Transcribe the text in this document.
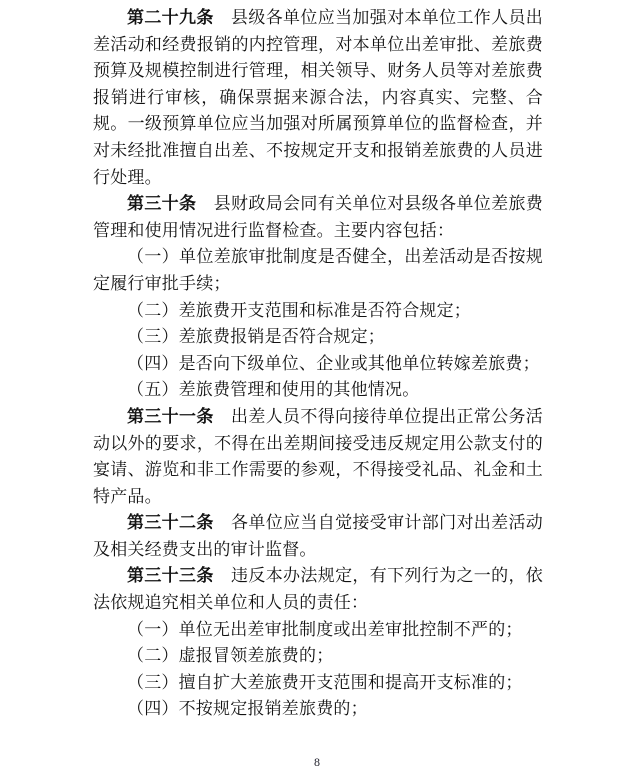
第二十九条　县级各单位应当加强对本单位工作人员出差活动和经费报销的内控管理，对本单位出差审批、差旅费预算及规模控制进行管理，相关领导、财务人员等对差旅费报销进行审核，确保票据来源合法，内容真实、完整、合规。一级预算单位应当加强对所属预算单位的监督检查，并对未经批准擅自出差、不按规定开支和报销差旅费的人员进行处理。

第三十条　县财政局会同有关单位对县级各单位差旅费管理和使用情况进行监督检查。主要内容包括：

（一）单位差旅审批制度是否健全，出差活动是否按规定履行审批手续；

（二）差旅费开支范围和标准是否符合规定；

（三）差旅费报销是否符合规定；

（四）是否向下级单位、企业或其他单位转嫁差旅费；

（五）差旅费管理和使用的其他情况。

第三十一条　出差人员不得向接待单位提出正常公务活动以外的要求，不得在出差期间接受违反规定用公款支付的宴请、游览和非工作需要的参观，不得接受礼品、礼金和土特产品。

第三十二条　各单位应当自觉接受审计部门对出差活动及相关经费支出的审计监督。

第三十三条　违反本办法规定，有下列行为之一的，依法依规追究相关单位和人员的责任：

（一）单位无出差审批制度或出差审批控制不严的；

（二）虚报冒领差旅费的；

（三）擅自扩大差旅费开支范围和提高开支标准的；

（四）不按规定报销差旅费的；

8
